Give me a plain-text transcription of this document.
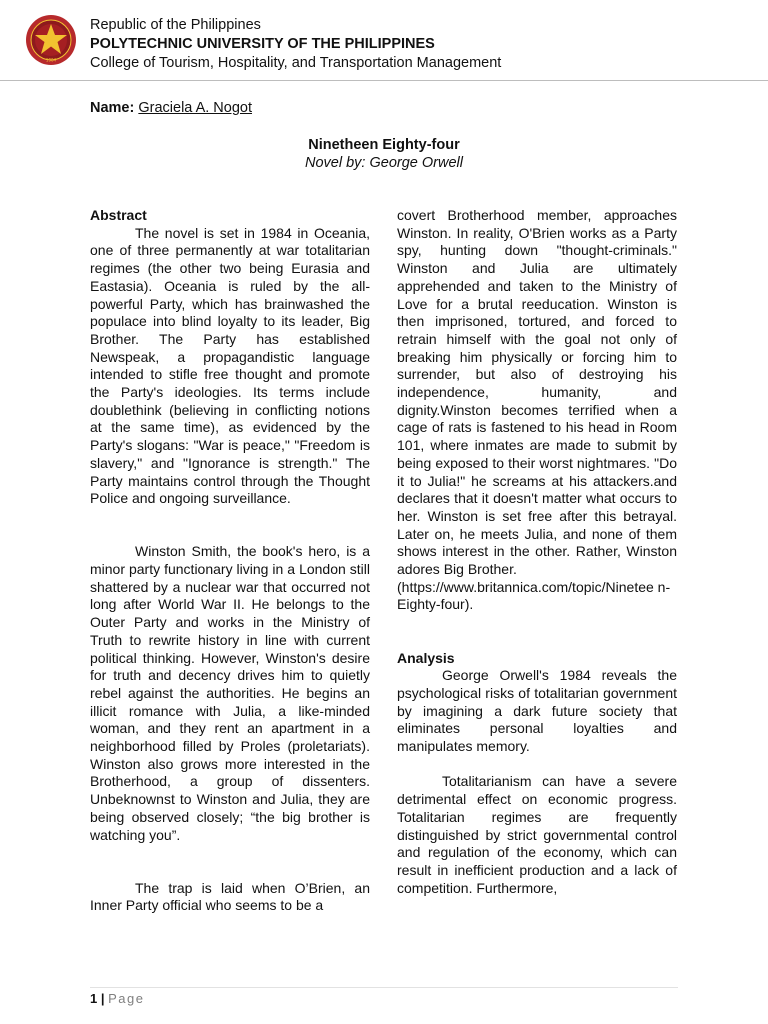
1904
Republic of the Philippines
POLYTECHNIC UNIVERSITY OF THE PHILIPPINES
College of Tourism, Hospitality, and Transportation Management
Name: Graciela A. Nogot
Ninetheen Eighty-four
Novel by: George Orwell

Abstract

The novel is set in 1984 in Oceania, one of three permanently at war totalitarian regimes (the other two being Eurasia and Eastasia). Oceania is ruled by the all-powerful Party, which has brainwashed the populace into blind loyalty to its leader, Big Brother. The Party has established Newspeak, a propagandistic language intended to stifle free thought and promote the Party's ideologies. Its terms include doublethink (believing in conflicting notions at the same time), as evidenced by the Party's slogans: "War is peace," "Freedom is slavery," and "Ignorance is strength." The Party maintains control through the Thought Police and ongoing surveillance.

Winston Smith, the book's hero, is a minor party functionary living in a London still shattered by a nuclear war that occurred not long after World War II. He belongs to the Outer Party and works in the Ministry of Truth to rewrite history in line with current political thinking. However, Winston's desire for truth and decency drives him to quietly rebel against the authorities. He begins an illicit romance with Julia, a like-minded woman, and they rent an apartment in a neighborhood filled by Proles (proletariats). Winston also grows more interested in the Brotherhood, a group of dissenters. Unbeknownst to Winston and Julia, they are being observed closely; “the big brother is watching you”.

The trap is laid when O’Brien, an Inner Party official who seems to be a

covert Brotherhood member, approaches Winston. In reality, O'Brien works as a Party spy, hunting down "thought-criminals." Winston and Julia are ultimately apprehended and taken to the Ministry of Love for a brutal reeducation. Winston is then imprisoned, tortured, and forced to retrain himself with the goal not only of breaking him physically or forcing him to surrender, but also of destroying his independence, humanity, and dignity.Winston becomes terrified when a cage of rats is fastened to his head in Room 101, where inmates are made to submit by being exposed to their worst nightmares. "Do it to Julia!" he screams at his attackers.and declares that it doesn't matter what occurs to her. Winston is set free after this betrayal. Later on, he meets Julia, and none of them shows interest in the other. Rather, Winston adores Big Brother.

(https://www.britannica.com/topic/Ninetee n-Eighty-four).

Analysis

George Orwell's 1984 reveals the psychological risks of totalitarian government by imagining a dark future society that eliminates personal loyalties and manipulates memory.

Totalitarianism can have a severe detrimental effect on economic progress. Totalitarian regimes are frequently distinguished by strict governmental control and regulation of the economy, which can result in inefficient production and a lack of competition. Furthermore,

1 | Page
